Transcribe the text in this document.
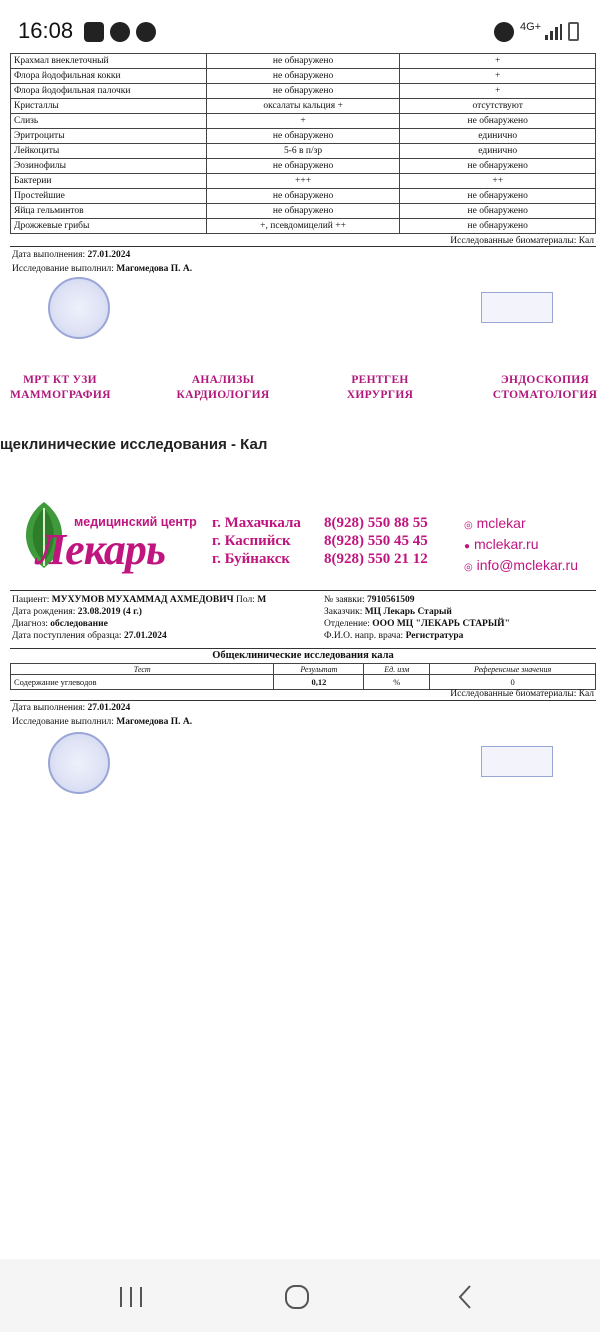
16:08	4G+
Крахмал внеклеточный	не обнаружено	+
Флора йодофильная кокки	не обнаружено	+
Флора йодофильная палочки	не обнаружено	+
Кристаллы	оксалаты кальция +	отсутствуют
Слизь	+	не обнаружено
Эритроциты	не обнаружено	единично
Лейкоциты	5-6 в п/зр	единично
Эозинофилы	не обнаружено	не обнаружено
Бактерии	+++	++
Простейшие	не обнаружено	не обнаружено
Яйца гельминтов	не обнаружено	не обнаружено
Дрожжевые грибы	+, псевдомицелий ++	не обнаружено
Исследованные биоматериалы: Кал
Дата выполнения: 27.01.2024
Исследование выполнил: Магомедова П. А.
МРТ КТ УЗИ
МАММОГРАФИЯ
АНАЛИЗЫ
КАРДИОЛОГИЯ
РЕНТГЕН
ХИРУРГИЯ
ЭНДОСКОПИЯ
СТОМАТОЛОГИЯ
щеклинические исследования - Кал
медицинский центр
Лекарь
г. Махачкала
г. Каспийск
г. Буйнакск
8(928) 550 88 55
8(928) 550 45 45
8(928) 550 21 12
◎ mclekar
● mclekar.ru
◎ info@mclekar.ru
Пациент: МУХУМОВ МУХАММАД АХМЕДОВИЧ Пол: М
Дата рождения: 23.08.2019 (4 г.)
Диагноз: обследование
Дата поступления образца: 27.01.2024
№ заявки: 7910561509
Заказчик: МЦ Лекарь Старый
Отделение: ООО МЦ "ЛЕКАРЬ СТАРЫЙ"
Ф.И.О. напр. врача: Регистратура
Общеклинические исследования кала
Тест	Результат	Ед. изм	Референсные значения
Содержание углеводов	0,12	%	0
Исследованные биоматериалы: Кал
Дата выполнения: 27.01.2024
Исследование выполнил: Магомедова П. А.
